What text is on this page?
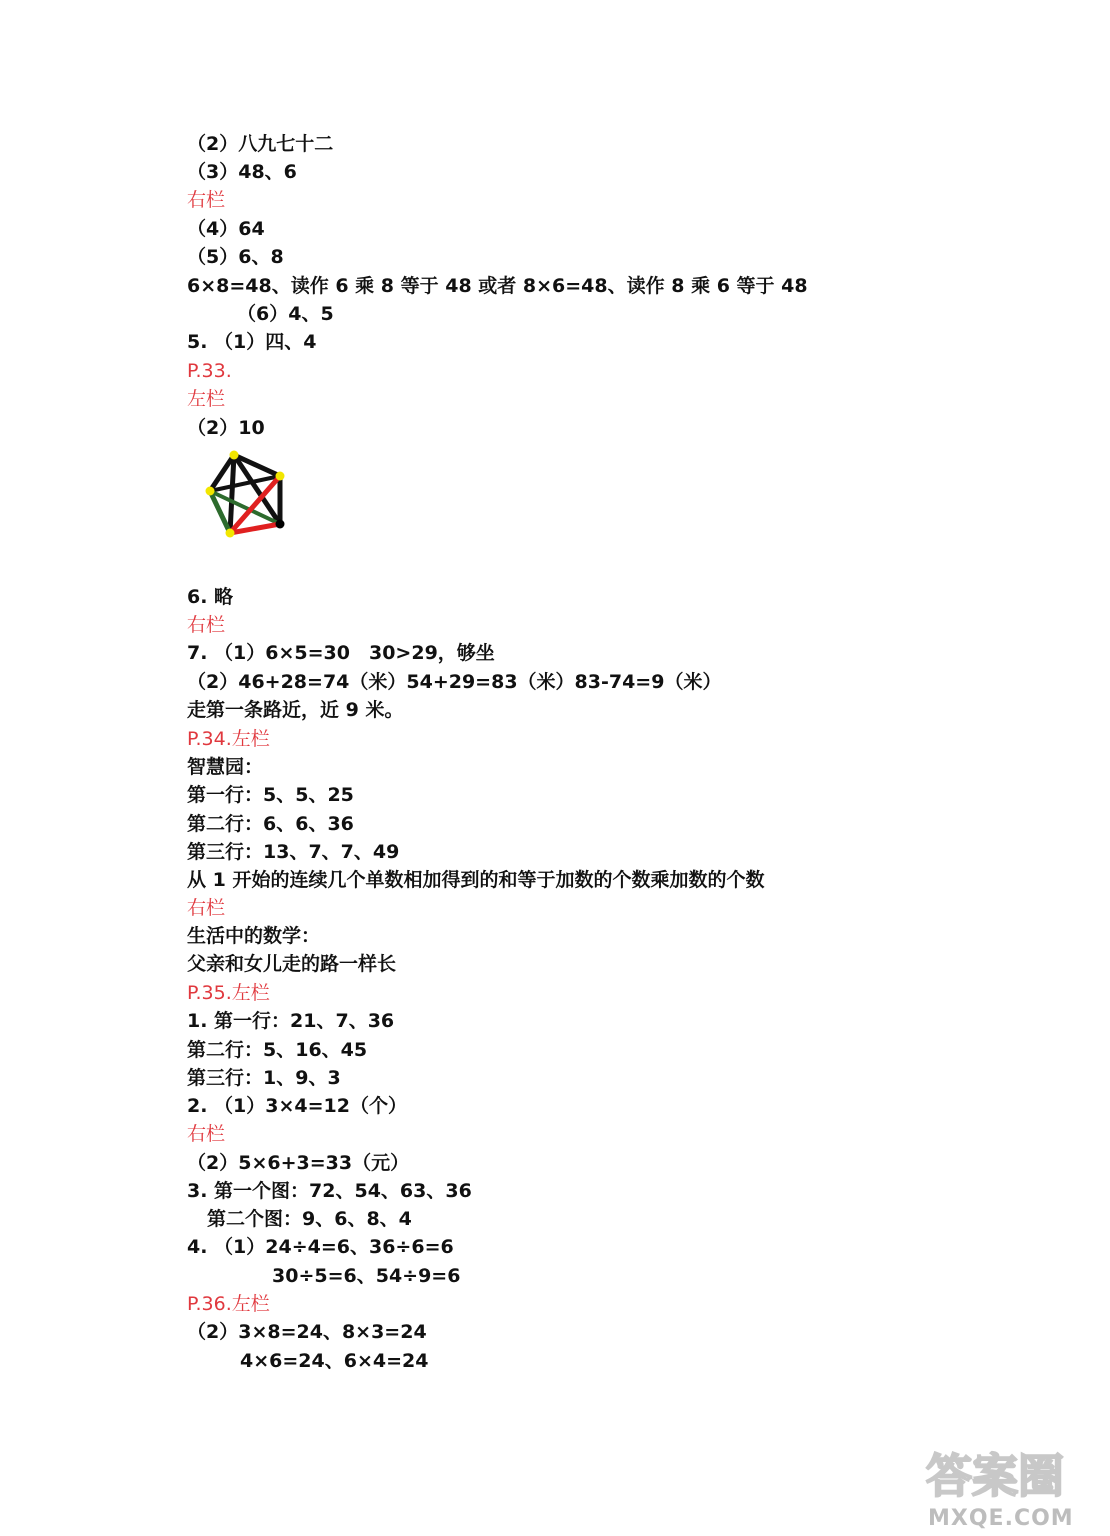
（2）八九七十二
（3）48、6
右栏
（4）64
（5）6、8
6×8=48、读作 6 乘 8 等于 48 或者 8×6=48、读作 8 乘 6 等于 48
（6）4、5
5. （1）四、4
P.33.
左栏
（2）10
6. 略
右栏
7. （1）6×5=30　30>29，够坐
（2）46+28=74（米）54+29=83（米）83-74=9（米）
走第一条路近，近 9 米。
P.34.左栏
智慧园：
第一行：5、5、25
第二行：6、6、36
第三行：13、7、7、49
从 1 开始的连续几个单数相加得到的和等于加数的个数乘加数的个数
右栏
生活中的数学：
父亲和女儿走的路一样长
P.35.左栏
1. 第一行：21、7、36
第二行：5、16、45
第三行：1、9、3
2. （1）3×4=12（个）
右栏
（2）5×6+3=33（元）
3. 第一个图：72、54、63、36
第二个图：9、6、8、4
4. （1）24÷4=6、36÷6=6
30÷5=6、54÷9=6
P.36.左栏
（2）3×8=24、8×3=24
4×6=24、6×4=24
答案圈
MXQE.COM
